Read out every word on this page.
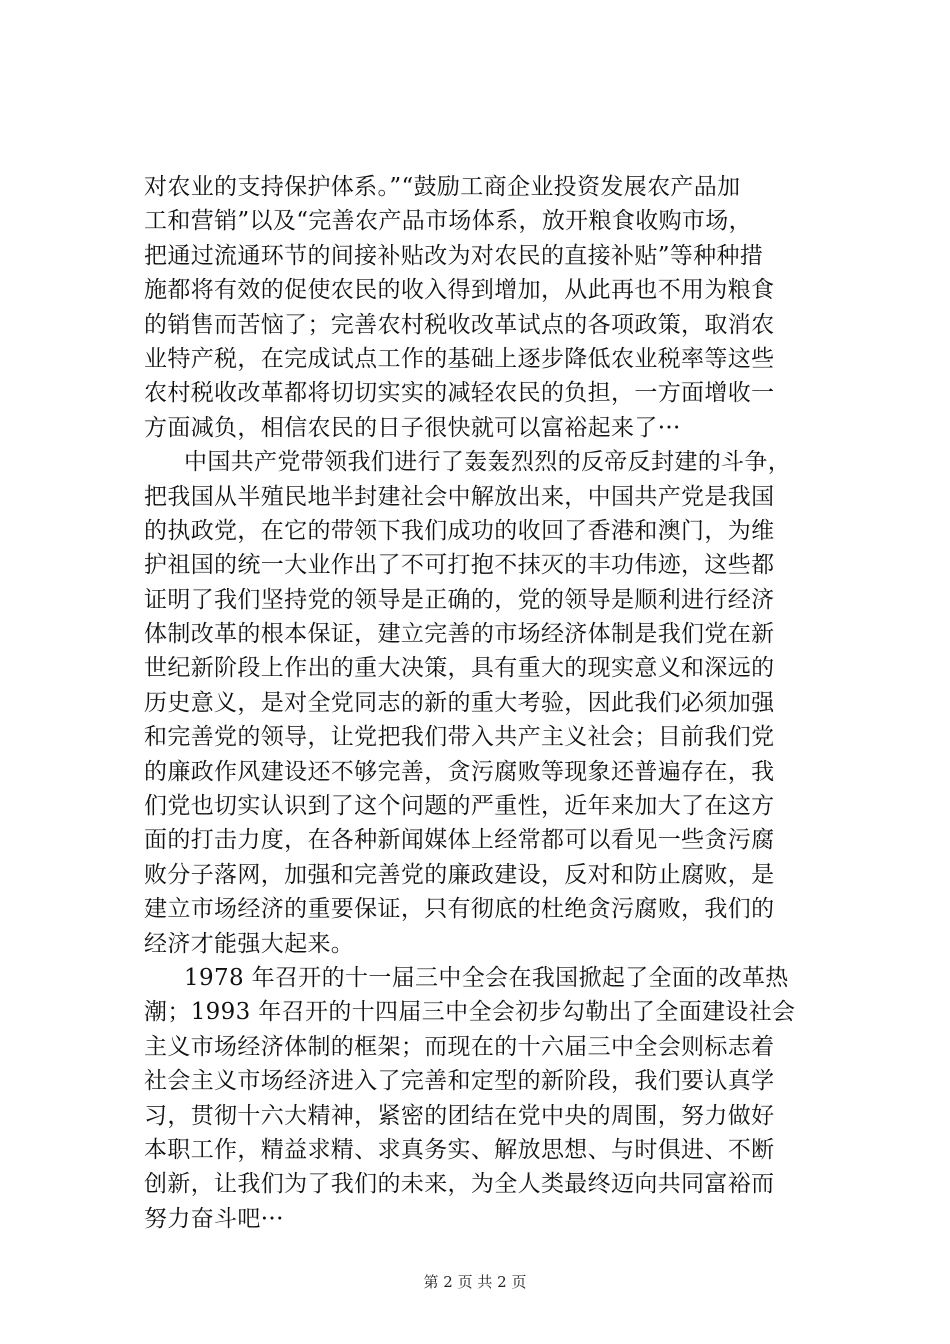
对农业的支持保护体系。”“鼓励工商企业投资发展农产品加
工和营销”以及“完善农产品市场体系，放开粮食收购市场，
把通过流通环节的间接补贴改为对农民的直接补贴”等种种措
施都将有效的促使农民的收入得到增加，从此再也不用为粮食
的销售而苦恼了；完善农村税收改革试点的各项政策，取消农
业特产税，在完成试点工作的基础上逐步降低农业税率等这些
农村税收改革都将切切实实的减轻农民的负担，一方面增收一
方面减负，相信农民的日子很快就可以富裕起来了···
中国共产党带领我们进行了轰轰烈烈的反帝反封建的斗争，
把我国从半殖民地半封建社会中解放出来，中国共产党是我国
的执政党，在它的带领下我们成功的收回了香港和澳门，为维
护祖国的统一大业作出了不可打抱不抹灭的丰功伟迹，这些都
证明了我们坚持党的领导是正确的，党的领导是顺利进行经济
体制改革的根本保证，建立完善的市场经济体制是我们党在新
世纪新阶段上作出的重大决策，具有重大的现实意义和深远的
历史意义，是对全党同志的新的重大考验，因此我们必须加强
和完善党的领导，让党把我们带入共产主义社会；目前我们党
的廉政作风建设还不够完善，贪污腐败等现象还普遍存在，我
们党也切实认识到了这个问题的严重性，近年来加大了在这方
面的打击力度，在各种新闻媒体上经常都可以看见一些贪污腐
败分子落网，加强和完善党的廉政建设，反对和防止腐败，是
建立市场经济的重要保证，只有彻底的杜绝贪污腐败，我们的
经济才能强大起来。
1978 年召开的十一届三中全会在我国掀起了全面的改革热
潮；1993 年召开的十四届三中全会初步勾勒出了全面建设社会
主义市场经济体制的框架；而现在的十六届三中全会则标志着
社会主义市场经济进入了完善和定型的新阶段，我们要认真学
习，贯彻十六大精神，紧密的团结在党中央的周围，努力做好
本职工作，精益求精、求真务实、解放思想、与时俱进、不断
创新，让我们为了我们的未来，为全人类最终迈向共同富裕而
努力奋斗吧···
第 2 页 共 2 页
